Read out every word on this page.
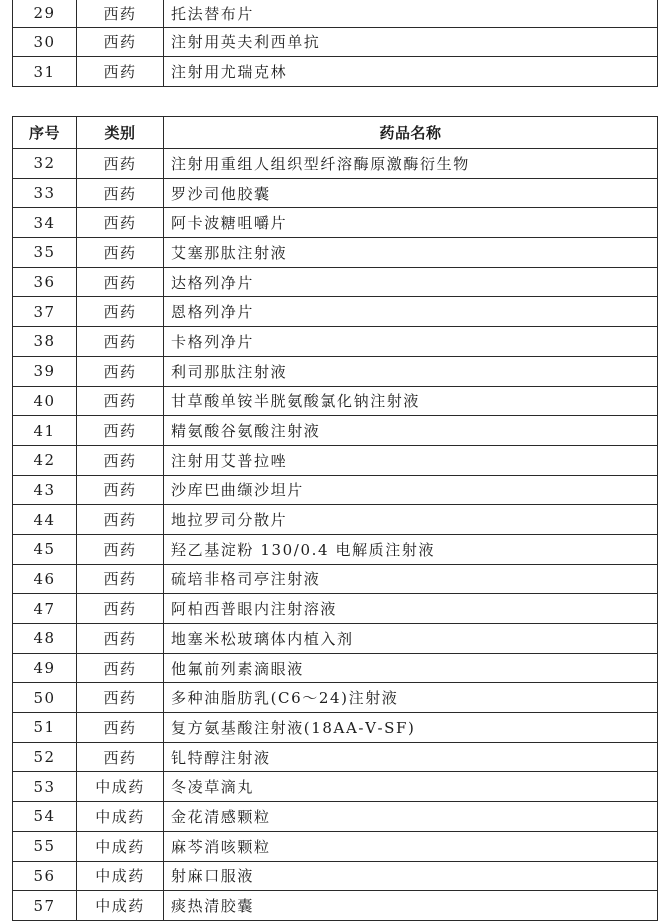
29	西药	托法替布片
30	西药	注射用英夫利西单抗
31	西药	注射用尤瑞克林
序号	类别	药品名称
32	西药	注射用重组人组织型纤溶酶原激酶衍生物
33	西药	罗沙司他胶囊
34	西药	阿卡波糖咀嚼片
35	西药	艾塞那肽注射液
36	西药	达格列净片
37	西药	恩格列净片
38	西药	卡格列净片
39	西药	利司那肽注射液
40	西药	甘草酸单铵半胱氨酸氯化钠注射液
41	西药	精氨酸谷氨酸注射液
42	西药	注射用艾普拉唑
43	西药	沙库巴曲缬沙坦片
44	西药	地拉罗司分散片
45	西药	羟乙基淀粉 130/0.4 电解质注射液
46	西药	硫培非格司亭注射液
47	西药	阿柏西普眼内注射溶液
48	西药	地塞米松玻璃体内植入剂
49	西药	他氟前列素滴眼液
50	西药	多种油脂肪乳(C6～24)注射液
51	西药	复方氨基酸注射液(18AA-Ⅴ-SF)
52	西药	钆特醇注射液
53	中成药	冬凌草滴丸
54	中成药	金花清感颗粒
55	中成药	麻芩消咳颗粒
56	中成药	射麻口服液
57	中成药	痰热清胶囊
